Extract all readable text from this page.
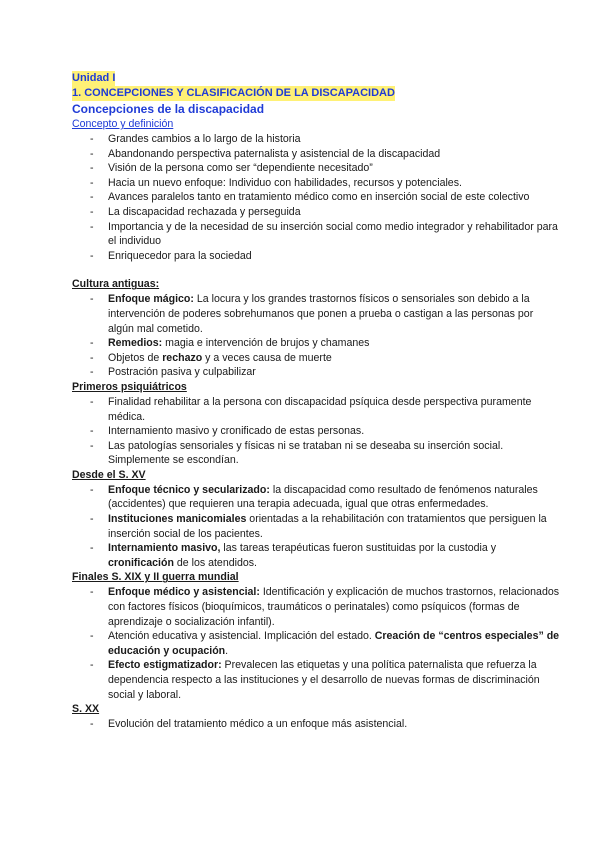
Unidad I
1. CONCEPCIONES Y CLASIFICACIÓN DE LA DISCAPACIDAD

Concepciones de la discapacidad

Concepto y definición
- Grandes cambios a lo largo de la historia
- Abandonando perspectiva paternalista y asistencial de la discapacidad
- Visión de la persona como ser “dependiente necesitado”
- Hacia un nuevo enfoque: Individuo con habilidades, recursos y potenciales.
- Avances paralelos tanto en tratamiento médico como en inserción social de este colectivo
- La discapacidad rechazada y perseguida
- Importancia y de la necesidad de su inserción social como medio integrador y rehabilitador para el individuo
- Enriquecedor para la sociedad

Cultura antiguas:

- Enfoque mágico: La locura y los grandes trastornos físicos o sensoriales son debido a la intervención de poderes sobrehumanos que ponen a prueba o castigan a las personas por algún mal cometido.
- Remedios: magia e intervención de brujos y chamanes
- Objetos de rechazo y a veces causa de muerte
- Postración pasiva y culpabilizar

Primeros psiquiátricos

- Finalidad rehabilitar a la persona con discapacidad psíquica desde perspectiva puramente médica.
- Internamiento masivo y cronificado de estas personas.
- Las patologías sensoriales y físicas ni se trataban ni se deseaba su inserción social. Simplemente se escondían.

Desde el S. XV

- Enfoque técnico y secularizado: la discapacidad como resultado de fenómenos naturales (accidentes) que requieren una terapia adecuada, igual que otras enfermedades.
- Instituciones manicomiales orientadas a la rehabilitación con tratamientos que persiguen la inserción social de los pacientes.
- Internamiento masivo, las tareas terapéuticas fueron sustituidas por la custodia y cronificación de los atendidos.

Finales S. XIX y II guerra mundial

- Enfoque médico y asistencial: Identificación y explicación de muchos trastornos, relacionados con factores físicos (bioquímicos, traumáticos o perinatales) como psíquicos (formas de aprendizaje o socialización infantil).
- Atención educativa y asistencial. Implicación del estado. Creación de “centros especiales” de educación y ocupación.
- Efecto estigmatizador: Prevalecen las etiquetas y una política paternalista que refuerza la dependencia respecto a las instituciones y el desarrollo de nuevas formas de discriminación social y laboral.

S. XX

- Evolución del tratamiento médico a un enfoque más asistencial.
